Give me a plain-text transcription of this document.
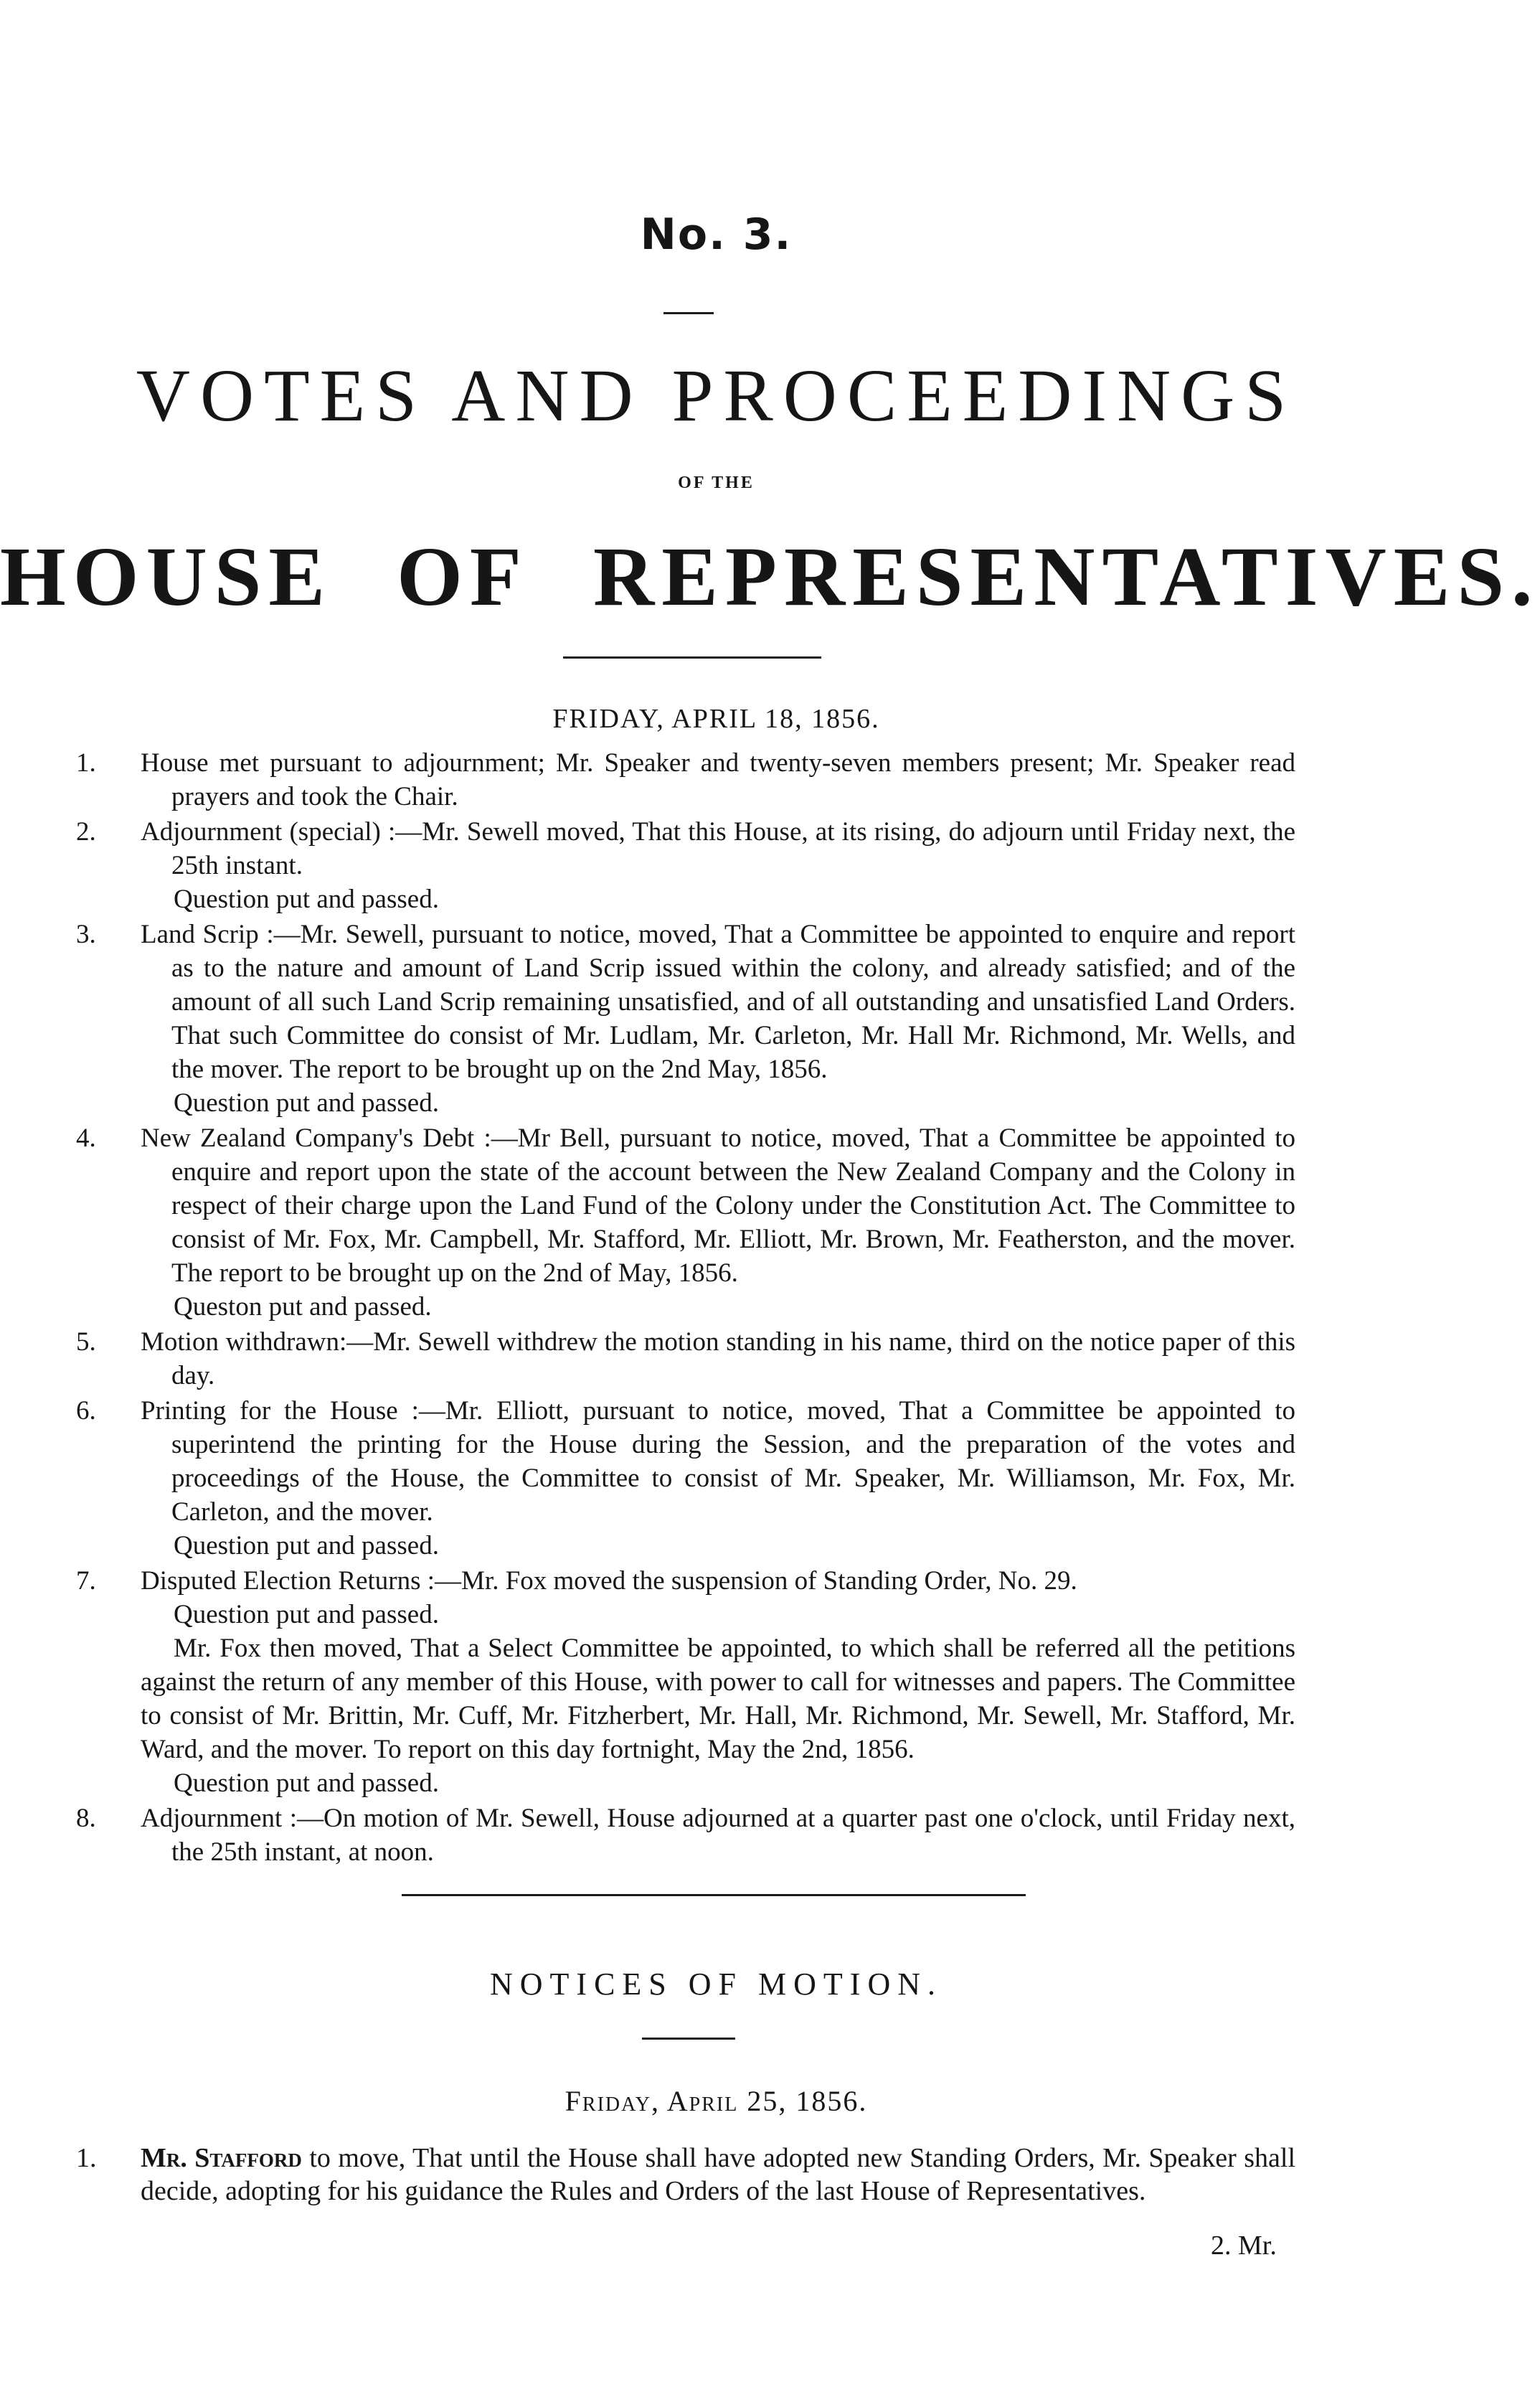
No. 3.
VOTES AND PROCEEDINGS
OF THE
HOUSE OF REPRESENTATIVES.
FRIDAY, APRIL 18, 1856.
1.	House met pursuant to adjournment; Mr. Speaker and twenty-seven members present; Mr. Speaker read prayers and took the Chair.
2.	Adjournment (special) :—Mr. Sewell moved, That this House, at its rising, do adjourn until Friday next, the 25th instant.
Question put and passed.
3.	Land Scrip :—Mr. Sewell, pursuant to notice, moved, That a Committee be appointed to enquire and report as to the nature and amount of Land Scrip issued within the colony, and already satisfied; and of the amount of all such Land Scrip remaining unsatisfied, and of all outstanding and unsatisfied Land Orders. That such Committee do consist of Mr. Ludlam, Mr. Carleton, Mr. Hall Mr. Richmond, Mr. Wells, and the mover. The report to be brought up on the 2nd May, 1856.
Question put and passed.
4.	New Zealand Company's Debt :—Mr Bell, pursuant to notice, moved, That a Committee be appointed to enquire and report upon the state of the account between the New Zealand Company and the Colony in respect of their charge upon the Land Fund of the Colony under the Constitution Act. The Committee to consist of Mr. Fox, Mr. Campbell, Mr. Stafford, Mr. Elliott, Mr. Brown, Mr. Featherston, and the mover. The report to be brought up on the 2nd of May, 1856.
Queston put and passed.
5.	Motion withdrawn:—Mr. Sewell withdrew the motion standing in his name, third on the notice paper of this day.
6.	Printing for the House :—Mr. Elliott, pursuant to notice, moved, That a Committee be appointed to superintend the printing for the House during the Session, and the preparation of the votes and proceedings of the House, the Committee to consist of Mr. Speaker, Mr. Williamson, Mr. Fox, Mr. Carleton, and the mover.
Question put and passed.
7.	Disputed Election Returns :—Mr. Fox moved the suspension of Standing Order, No. 29.
Question put and passed.
Mr. Fox then moved, That a Select Committee be appointed, to which shall be referred all the petitions against the return of any member of this House, with power to call for witnesses and papers. The Committee to consist of Mr. Brittin, Mr. Cuff, Mr. Fitzherbert, Mr. Hall, Mr. Richmond, Mr. Sewell, Mr. Stafford, Mr. Ward, and the mover. To report on this day fortnight, May the 2nd, 1856.
Question put and passed.
8.	Adjournment :—On motion of Mr. Sewell, House adjourned at a quarter past one o'clock, until Friday next, the 25th instant, at noon.
NOTICES OF MOTION.
Friday, April 25, 1856.
1. Mr. Stafford to move, That until the House shall have adopted new Standing Orders, Mr. Speaker shall decide, adopting for his guidance the Rules and Orders of the last House of Representatives.
2. Mr.
